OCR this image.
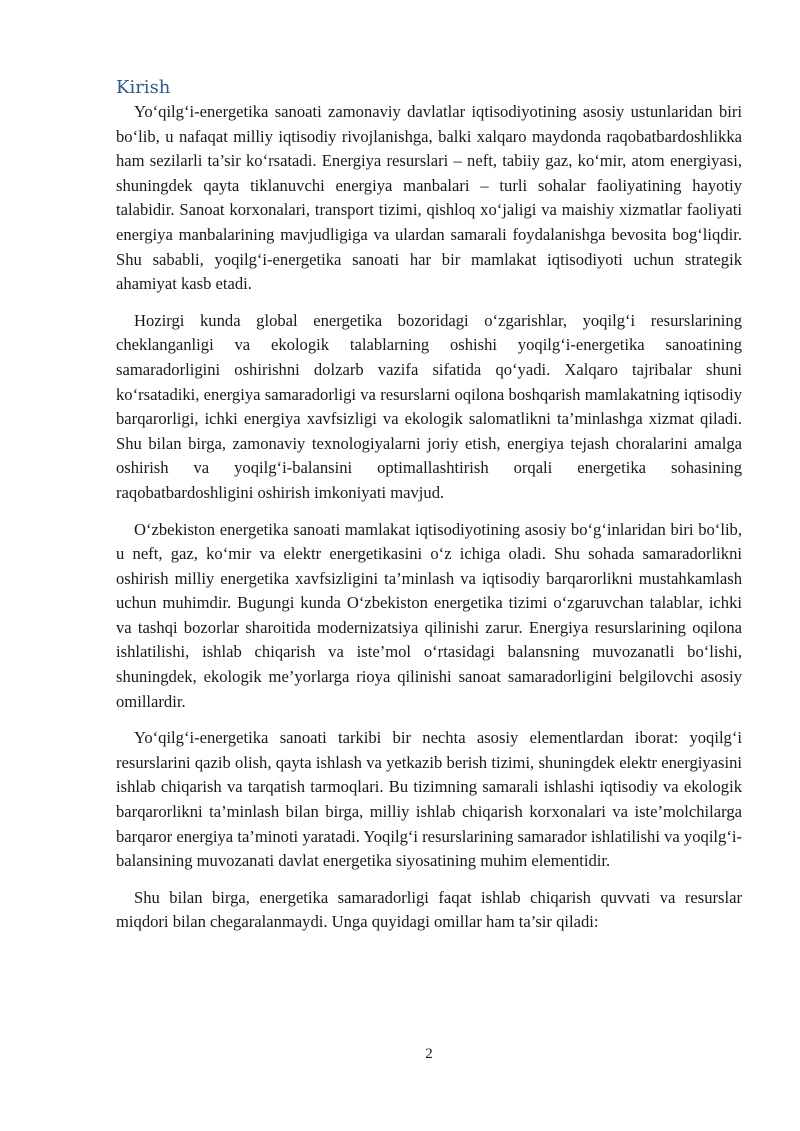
Kirish

Yo‘qilg‘i-energetika sanoati zamonaviy davlatlar iqtisodiyotining asosiy ustunlaridan biri bo‘lib, u nafaqat milliy iqtisodiy rivojlanishga, balki xalqaro maydonda raqobatbardoshlikka ham sezilarli ta’sir ko‘rsatadi. Energiya resurslari – neft, tabiiy gaz, ko‘mir, atom energiyasi, shuningdek qayta tiklanuvchi energiya manbalari – turli sohalar faoliyatining hayotiy talabidir. Sanoat korxonalari, transport tizimi, qishloq xo‘jaligi va maishiy xizmatlar faoliyati energiya manbalarining mavjudligiga va ulardan samarali foydalanishga bevosita bog‘liqdir. Shu sababli, yoqilg‘i-energetika sanoati har bir mamlakat iqtisodiyoti uchun strategik ahamiyat kasb etadi.

Hozirgi kunda global energetika bozoridagi o‘zgarishlar, yoqilg‘i resurslarining cheklanganligi va ekologik talablarning oshishi yoqilg‘i-energetika sanoatining samaradorligini oshirishni dolzarb vazifa sifatida qo‘yadi. Xalqaro tajribalar shuni ko‘rsatadiki, energiya samaradorligi va resurslarni oqilona boshqarish mamlakatning iqtisodiy barqarorligi, ichki energiya xavfsizligi va ekologik salomatlikni ta’minlashga xizmat qiladi. Shu bilan birga, zamonaviy texnologiyalarni joriy etish, energiya tejash choralarini amalga oshirish va yoqilg‘i-balansini optimallashtirish orqali energetika sohasining raqobatbardoshligini oshirish imkoniyati mavjud.

O‘zbekiston energetika sanoati mamlakat iqtisodiyotining asosiy bo‘g‘inlaridan biri bo‘lib, u neft, gaz, ko‘mir va elektr energetikasini o‘z ichiga oladi. Shu sohada samaradorlikni oshirish milliy energetika xavfsizligini ta’minlash va iqtisodiy barqarorlikni mustahkamlash uchun muhimdir. Bugungi kunda O‘zbekiston energetika tizimi o‘zgaruvchan talablar, ichki va tashqi bozorlar sharoitida modernizatsiya qilinishi zarur. Energiya resurslarining oqilona ishlatilishi, ishlab chiqarish va iste’mol o‘rtasidagi balansning muvozanatli bo‘lishi, shuningdek, ekologik me’yorlarga rioya qilinishi sanoat samaradorligini belgilovchi asosiy omillardir.

Yo‘qilg‘i-energetika sanoati tarkibi bir nechta asosiy elementlardan iborat: yoqilg‘i resurslarini qazib olish, qayta ishlash va yetkazib berish tizimi, shuningdek elektr energiyasini ishlab chiqarish va tarqatish tarmoqlari. Bu tizimning samarali ishlashi iqtisodiy va ekologik barqarorlikni ta’minlash bilan birga, milliy ishlab chiqarish korxonalari va iste’molchilarga barqaror energiya ta’minoti yaratadi. Yoqilg‘i resurslarining samarador ishlatilishi va yoqilg‘i-balansining muvozanati davlat energetika siyosatining muhim elementidir.

Shu bilan birga, energetika samaradorligi faqat ishlab chiqarish quvvati va resurslar miqdori bilan chegaralanmaydi. Unga quyidagi omillar ham ta’sir qiladi:

2
